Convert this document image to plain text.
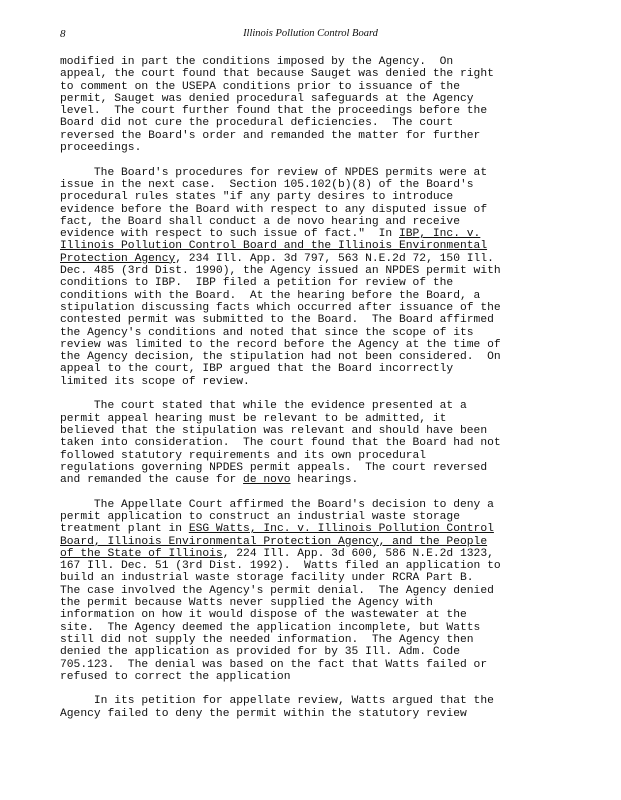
8	Illinois Pollution Control Board
modified in part the conditions imposed by the Agency.  On
appeal, the court found that because Sauget was denied the right
to comment on the USEPA conditions prior to issuance of the
permit, Sauget was denied procedural safeguards at the Agency
level.  The court further found that the proceedings before the
Board did not cure the procedural deficiencies.  The court
reversed the Board's order and remanded the matter for further
proceedings.
The Board's procedures for review of NPDES permits were at
issue in the next case.  Section 105.102(b)(8) of the Board's
procedural rules states "if any party desires to introduce
evidence before the Board with respect to any disputed issue of
fact, the Board shall conduct a de novo hearing and receive
evidence with respect to such issue of fact."  In IBP, Inc. v.
Illinois Pollution Control Board and the Illinois Environmental
Protection Agency, 234 Ill. App. 3d 797, 563 N.E.2d 72, 150 Ill.
Dec. 485 (3rd Dist. 1990), the Agency issued an NPDES permit with
conditions to IBP.  IBP filed a petition for review of the
conditions with the Board.  At the hearing before the Board, a
stipulation discussing facts which occurred after issuance of the
contested permit was submitted to the Board.  The Board affirmed
the Agency's conditions and noted that since the scope of its
review was limited to the record before the Agency at the time of
the Agency decision, the stipulation had not been considered.  On
appeal to the court, IBP argued that the Board incorrectly
limited its scope of review.
The court stated that while the evidence presented at a
permit appeal hearing must be relevant to be admitted, it
believed that the stipulation was relevant and should have been
taken into consideration.  The court found that the Board had not
followed statutory requirements and its own procedural
regulations governing NPDES permit appeals.  The court reversed
and remanded the cause for de novo hearings.
The Appellate Court affirmed the Board's decision to deny a
permit application to construct an industrial waste storage
treatment plant in ESG Watts, Inc. v. Illinois Pollution Control
Board, Illinois Environmental Protection Agency, and the People
of the State of Illinois, 224 Ill. App. 3d 600, 586 N.E.2d 1323,
167 Ill. Dec. 51 (3rd Dist. 1992).  Watts filed an application to
build an industrial waste storage facility under RCRA Part B.
The case involved the Agency's permit denial.  The Agency denied
the permit because Watts never supplied the Agency with
information on how it would dispose of the wastewater at the
site.  The Agency deemed the application incomplete, but Watts
still did not supply the needed information.  The Agency then
denied the application as provided for by 35 Ill. Adm. Code
705.123.  The denial was based on the fact that Watts failed or
refused to correct the application
In its petition for appellate review, Watts argued that the
Agency failed to deny the permit within the statutory review
